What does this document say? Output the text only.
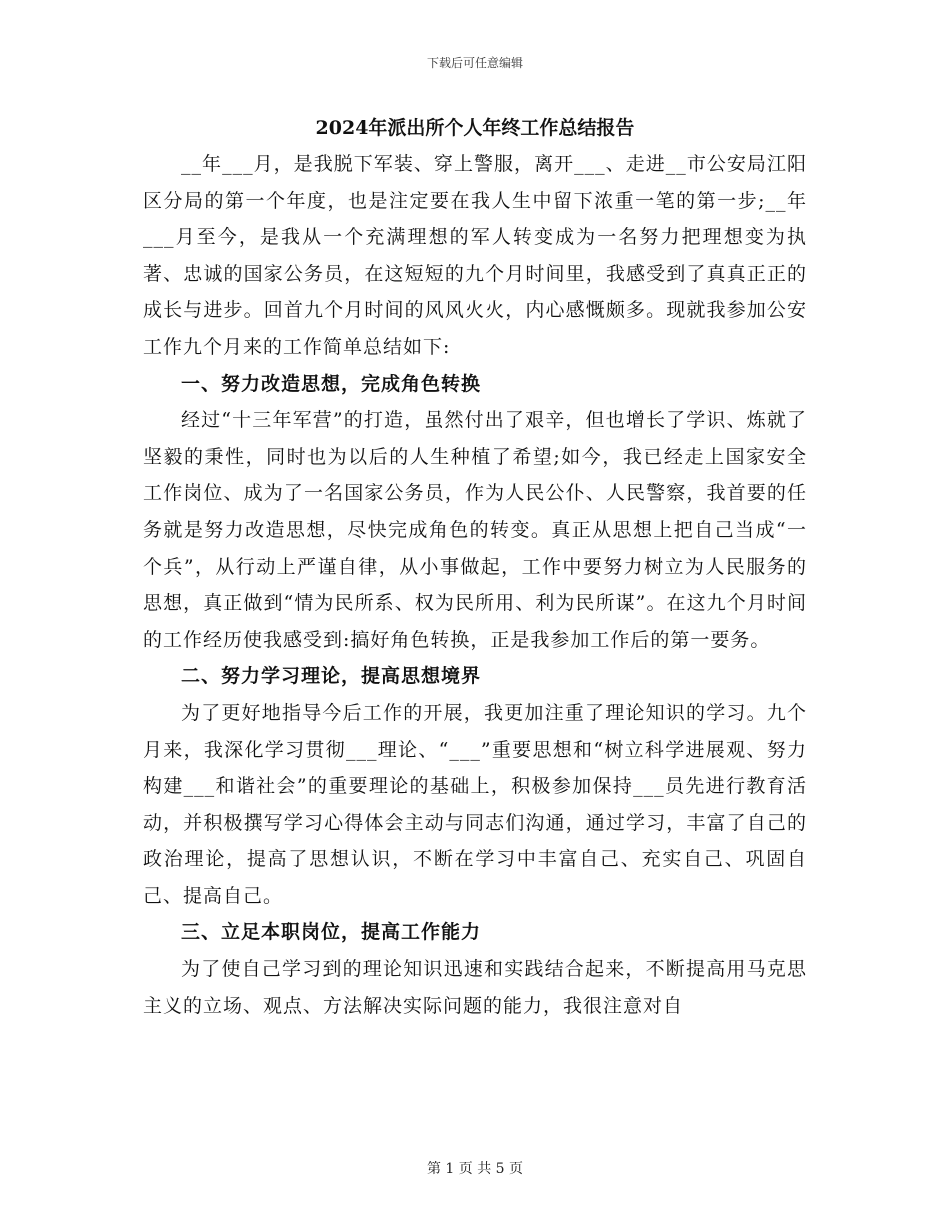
下载后可任意编辑
2024年派出所个人年终工作总结报告

__年___月，是我脱下军装、穿上警服，离开___、走进__市公安局江阳区分局的第一个年度，也是注定要在我人生中留下浓重一笔的第一步;__年___月至今，是我从一个充满理想的军人转变成为一名努力把理想变为执著、忠诚的国家公务员，在这短短的九个月时间里，我感受到了真真正正的成长与进步。回首九个月时间的风风火火，内心感慨颇多。现就我参加公安工作九个月来的工作简单总结如下:

一、努力改造思想，完成角色转换

经过“十三年军营”的打造，虽然付出了艰辛，但也增长了学识、炼就了坚毅的秉性，同时也为以后的人生种植了希望;如今，我已经走上国家安全工作岗位、成为了一名国家公务员，作为人民公仆、人民警察，我首要的任务就是努力改造思想，尽快完成角色的转变。真正从思想上把自己当成“一个兵”，从行动上严谨自律，从小事做起，工作中要努力树立为人民服务的思想，真正做到“情为民所系、权为民所用、利为民所谋”。在这九个月时间的工作经历使我感受到:搞好角色转换，正是我参加工作后的第一要务。

二、努力学习理论，提高思想境界

为了更好地指导今后工作的开展，我更加注重了理论知识的学习。九个月来，我深化学习贯彻___理论、“___”重要思想和“树立科学进展观、努力构建___和谐社会”的重要理论的基础上，积极参加保持___员先进行教育活动，并积极撰写学习心得体会主动与同志们沟通，通过学习，丰富了自己的政治理论，提高了思想认识，不断在学习中丰富自己、充实自己、巩固自己、提高自己。

三、立足本职岗位，提高工作能力

为了使自己学习到的理论知识迅速和实践结合起来，不断提高用马克思主义的立场、观点、方法解决实际问题的能力，我很注意对自

第 1 页 共 5 页
